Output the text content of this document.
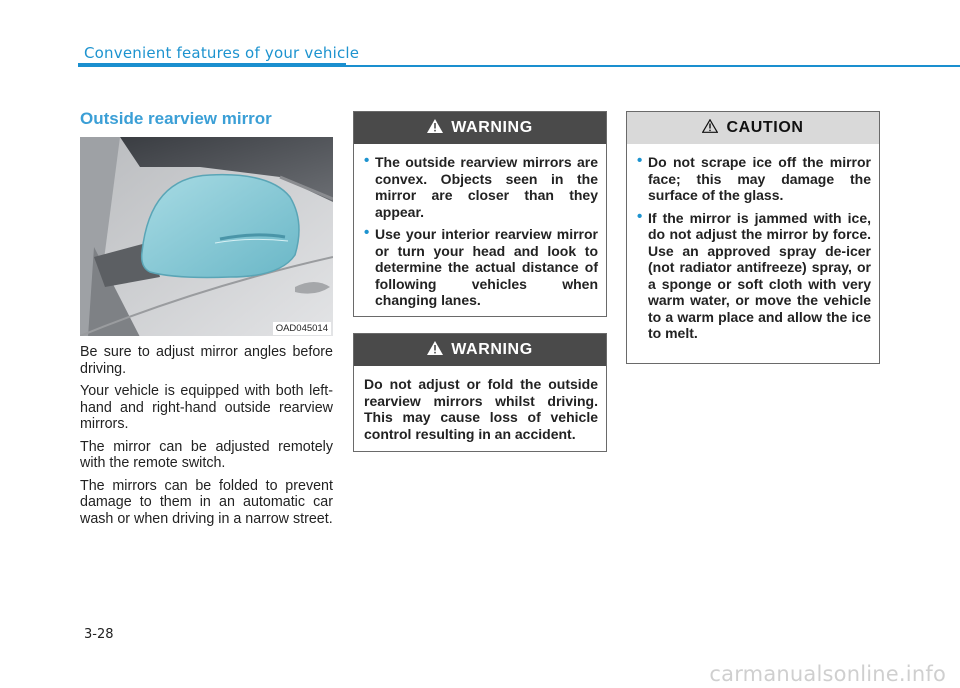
Convenient features of your vehicle
Outside rearview mirror
OAD045014

Be sure to adjust mirror angles before driving.

Your vehicle is equipped with both left-hand and right-hand outside rearview mirrors.

The mirror can be adjusted remotely with the remote switch.

The mirrors can be folded to prevent damage to them in an automatic car wash or when driving in a narrow street.

WARNING
• The outside rearview mirrors are convex. Objects seen in the mirror are closer than they appear.
• Use your interior rearview mirror or turn your head and look to determine the actual distance of following vehicles when changing lanes.
WARNING

Do not adjust or fold the outside rearview mirrors whilst driving. This may cause loss of vehicle control resulting in an accident.

CAUTION
• Do not scrape ice off the mirror face; this may damage the surface of the glass.
• If the mirror is jammed with ice, do not adjust the mirror by force. Use an approved spray de-icer (not radiator antifreeze) spray, or a sponge or soft cloth with very warm water, or move the vehicle to a warm place and allow the ice to melt.
3-28
carmanualsonline.info
